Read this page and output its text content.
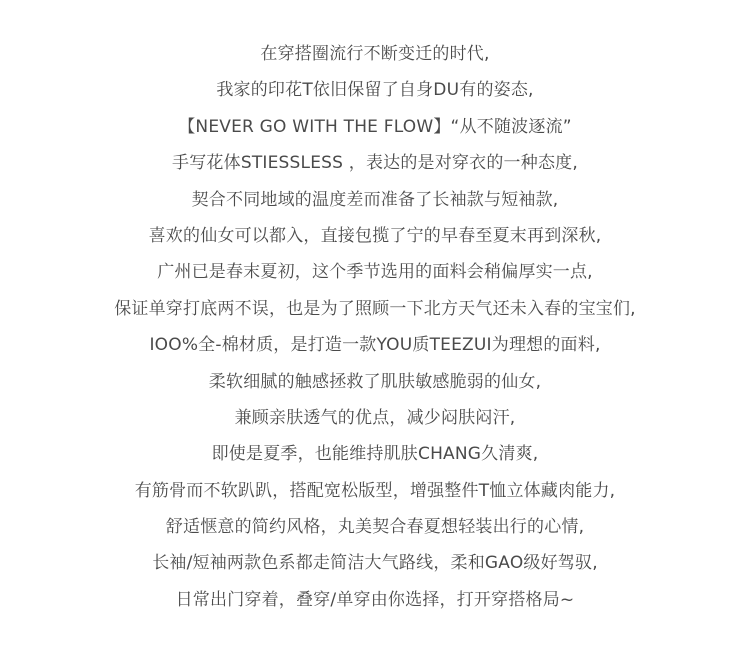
在穿搭圈流行不断变迁的时代,
我家的印花T依旧保留了自身DU有的姿态,
【NEVER GO WITH THE FLOW】“从不随波逐流”
手写花体STIESSLESS ，表达的是对穿衣的一种态度,
契合不同地域的温度差而准备了长袖款与短袖款,
喜欢的仙女可以都入，直接包揽了宁的早春至夏末再到深秋,
广州已是春末夏初，这个季节选用的面料会稍偏厚实一点,
保证单穿打底两不误，也是为了照顾一下北方天气还未入春的宝宝们,
IOO%全-棉材质，是打造一款YOU质TEEZUI为理想的面料,
柔软细腻的触感拯救了肌肤敏感脆弱的仙女,
兼顾亲肤透气的优点，减少闷肤闷汗,
即使是夏季，也能维持肌肤CHANG久清爽,
有筋骨而不软趴趴，搭配宽松版型，增强整件T恤立体藏肉能力,
舒适惬意的简约风格，丸美契合春夏想轻装出行的心情,
长袖/短袖两款色系都走简洁大气路线，柔和GAO级好驾驭,
日常出门穿着，叠穿/单穿由你选择，打开穿搭格局~
